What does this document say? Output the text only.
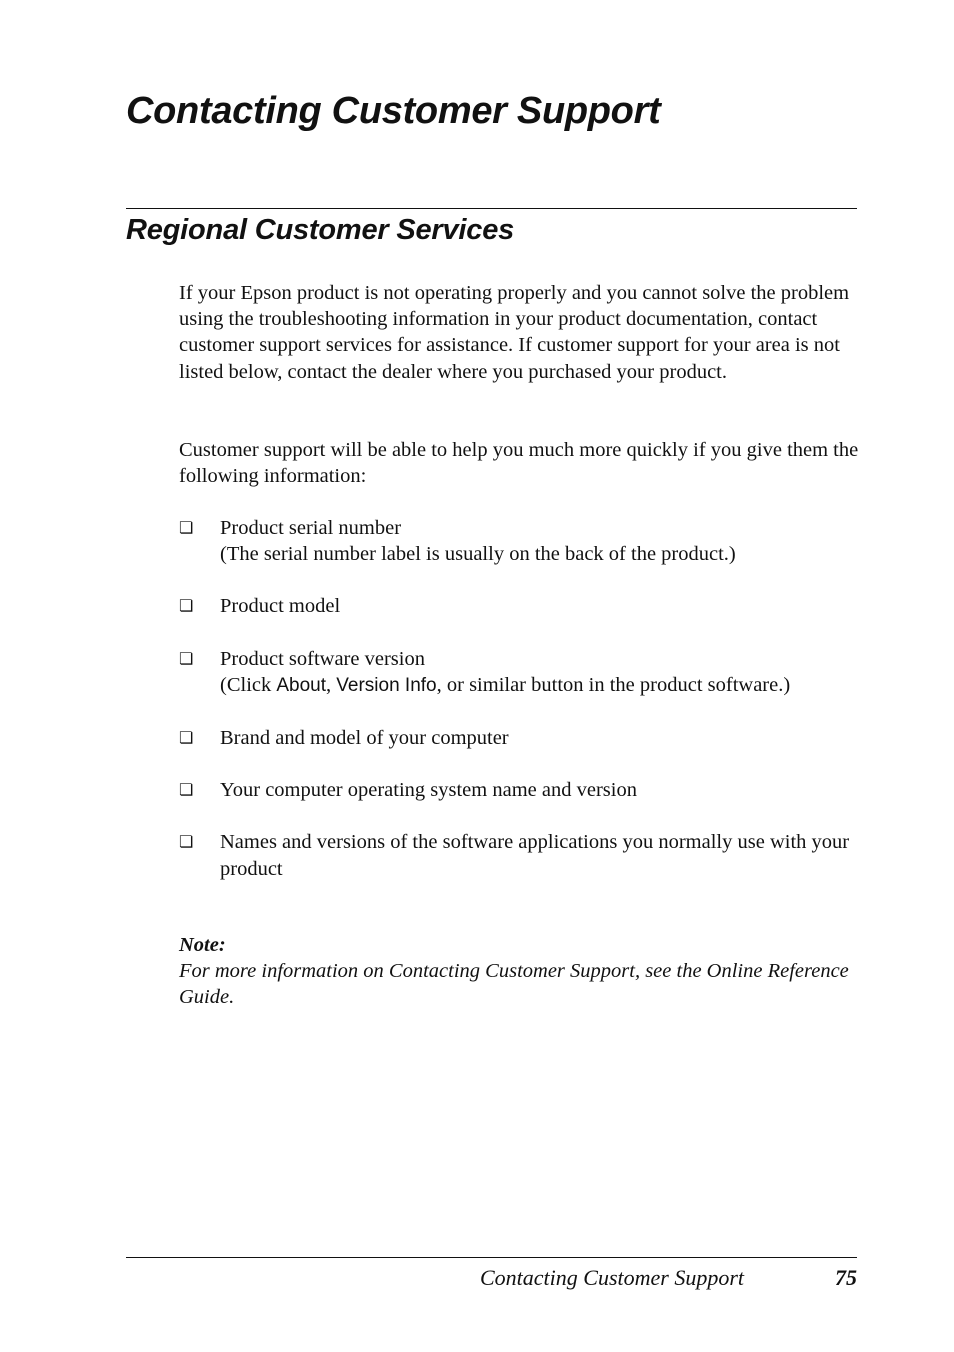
Contacting Customer Support
Regional Customer Services

If your Epson product is not operating properly and you cannot solve the problem using the troubleshooting information in your product documentation, contact customer support services for assistance. If customer support for your area is not listed below, contact the dealer where you purchased your product.

Customer support will be able to help you much more quickly if you give them the following information:

❏ Product serial number
(The serial number label is usually on the back of the product.)
❏ Product model
❏ Product software version
(Click About, Version Info, or similar button in the product software.)
❏ Brand and model of your computer
❏ Your computer operating system name and version
❏ Names and versions of the software applications you normally use with your product
Note:
For more information on Contacting Customer Support, see the Online Reference Guide.
Contacting Customer Support	75
